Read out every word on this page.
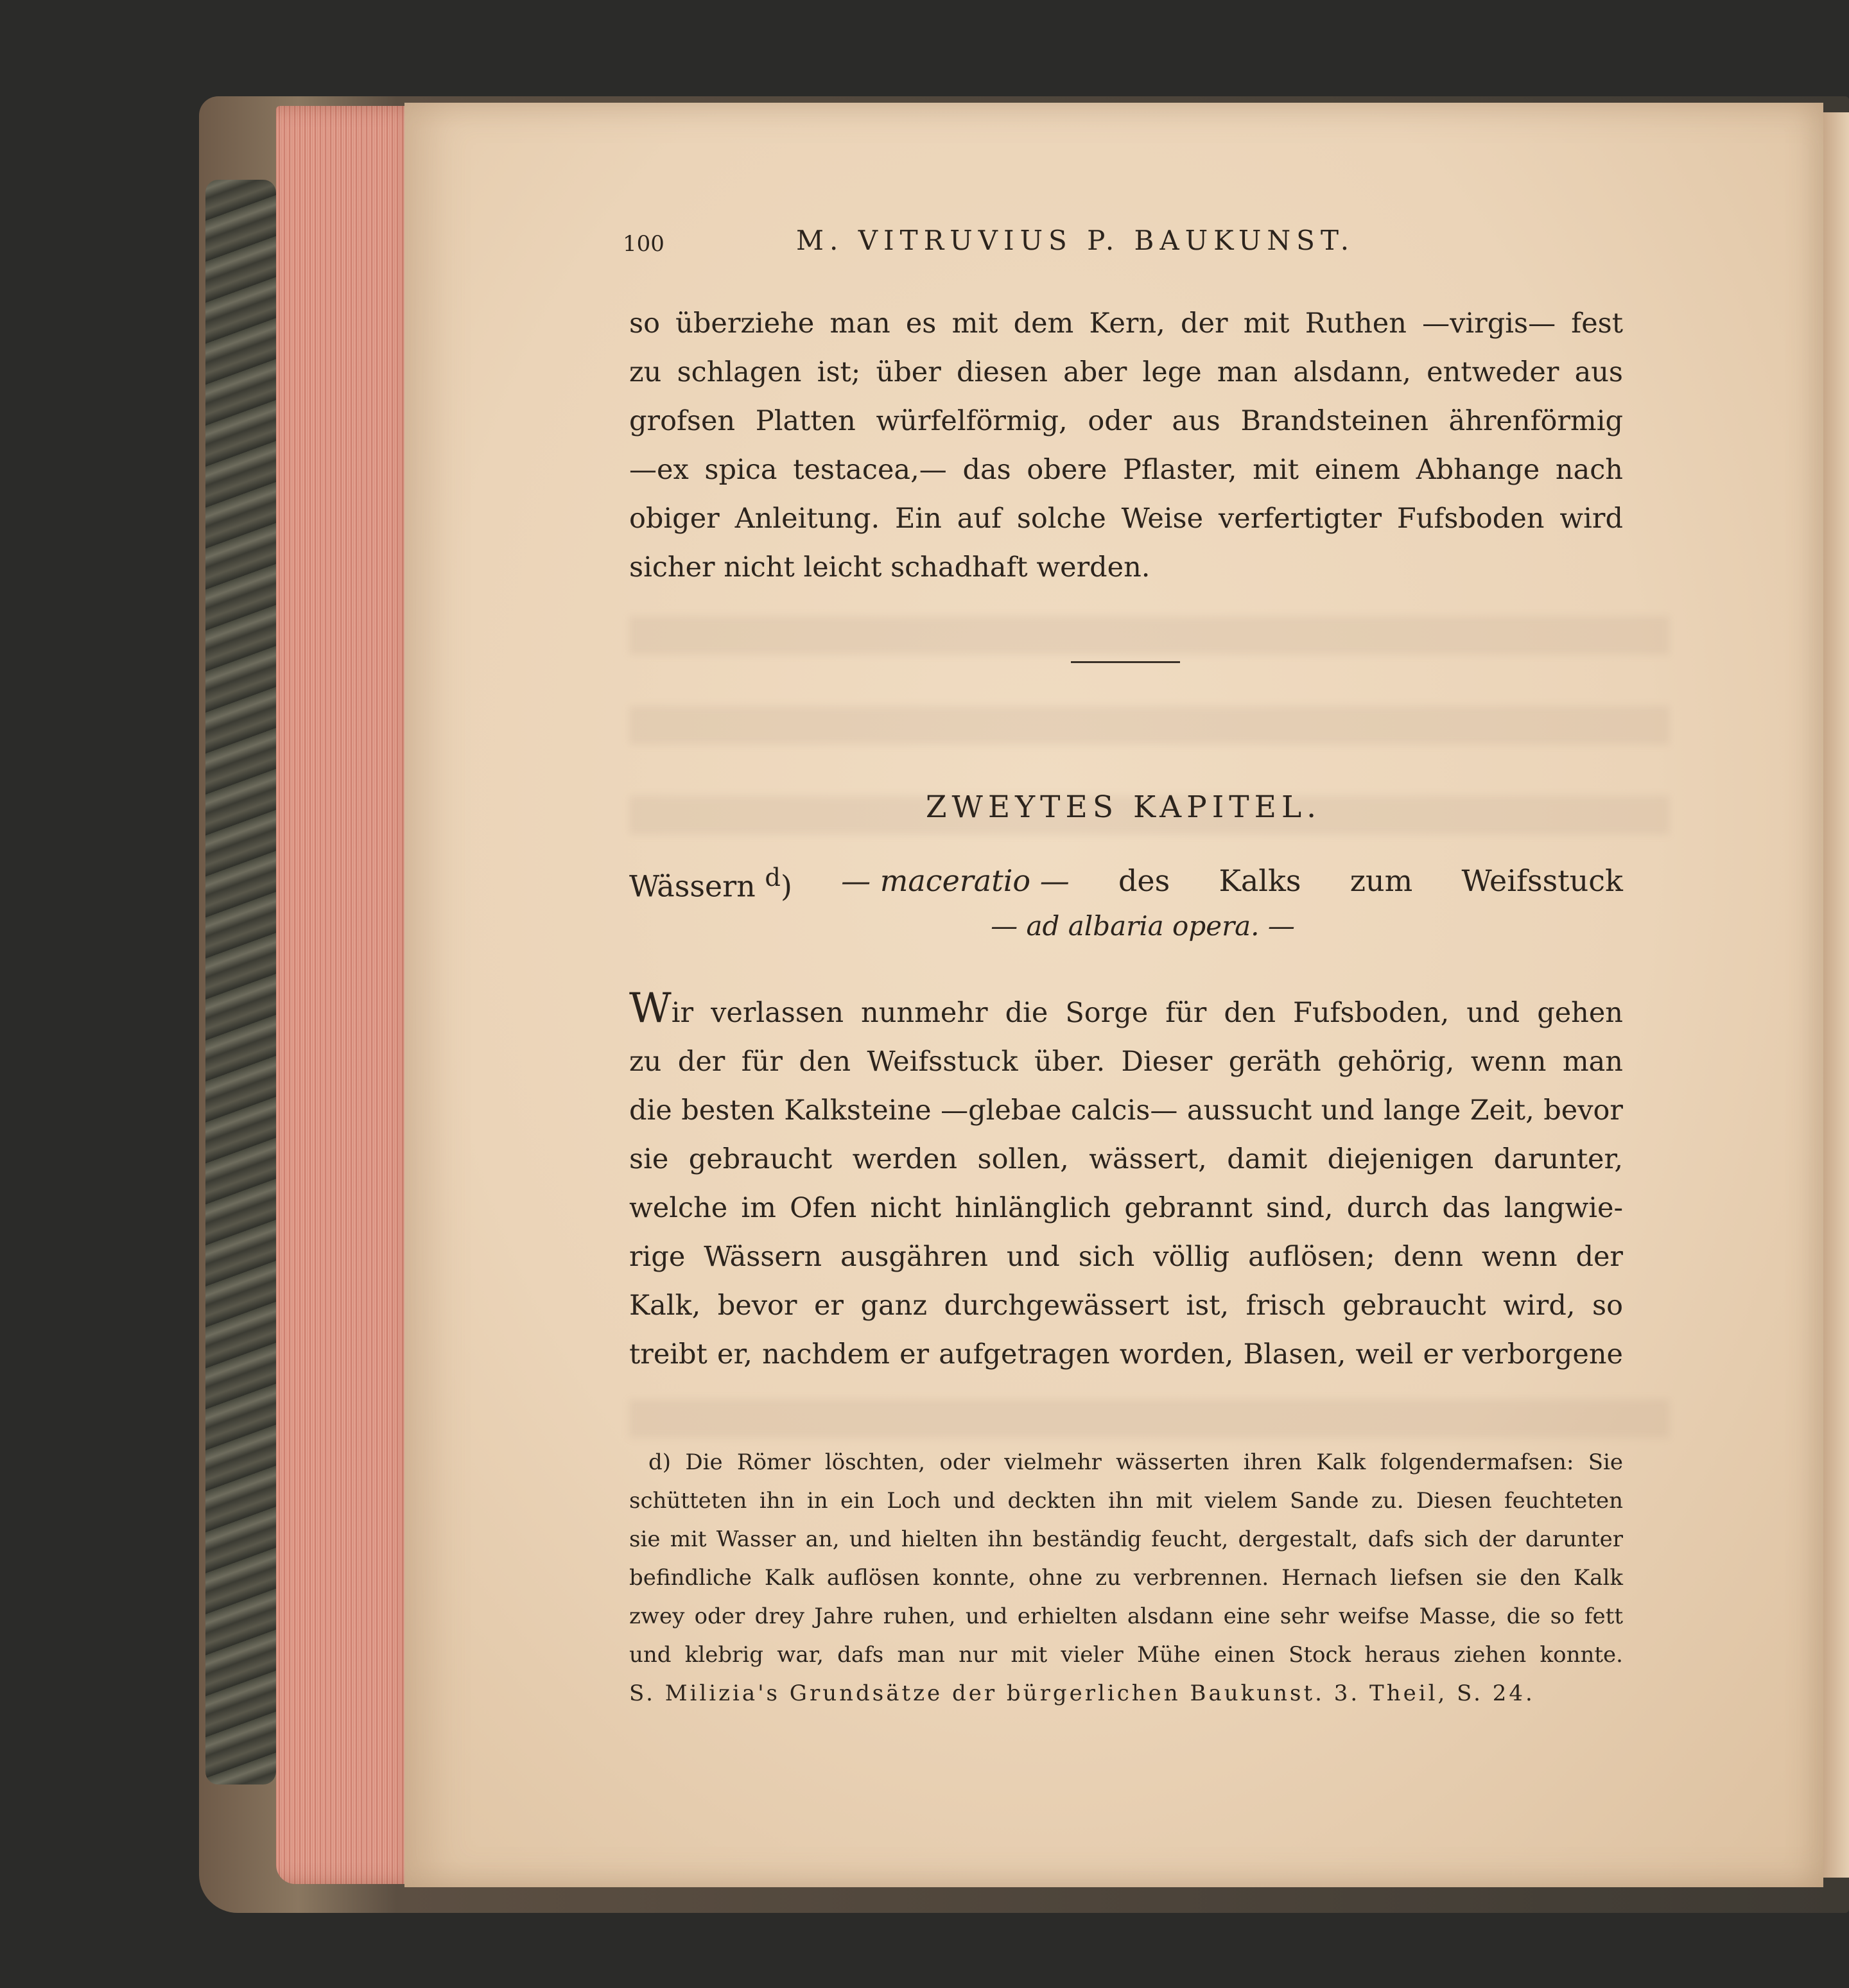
100	M. VITRUVIUS P. BAUKUNST.
so überziehe man es mit dem Kern, der mit Ruthen —virgis— fest
zu schlagen ist; über diesen aber lege man alsdann, entweder aus
grofsen Platten würfelförmig, oder aus Brandsteinen ährenförmig
—ex spica testacea,— das obere Pflaster, mit einem Abhange nach
obiger Anleitung. Ein auf solche Weise verfertigter Fufsboden wird
sicher nicht leicht schadhaft werden.
ZWEYTES KAPITEL.
Wässern $^d$) — maceratio — des Kalks zum Weifsstuck
— ad albaria opera. —
Wir verlassen nunmehr die Sorge für den Fufsboden, und gehen
zu der für den Weifsstuck über. Dieser geräth gehörig, wenn man
die besten Kalksteine —glebae calcis— aussucht und lange Zeit, bevor
sie gebraucht werden sollen, wässert, damit diejenigen darunter,
welche im Ofen nicht hinlänglich gebrannt sind, durch das langwie-
rige Wässern ausgähren und sich völlig auflösen; denn wenn der
Kalk, bevor er ganz durchgewässert ist, frisch gebraucht wird, so
treibt er, nachdem er aufgetragen worden, Blasen, weil er verborgene
d) Die Römer löschten, oder vielmehr wässerten ihren Kalk folgendermafsen: Sie
schütteten ihn in ein Loch und deckten ihn mit vielem Sande zu. Diesen feuchteten
sie mit Wasser an, und hielten ihn beständig feucht, dergestalt, dafs sich der darunter
befindliche Kalk auflösen konnte, ohne zu verbrennen. Hernach liefsen sie den Kalk
zwey oder drey Jahre ruhen, und erhielten alsdann eine sehr weifse Masse, die so fett
und klebrig war, dafs man nur mit vieler Mühe einen Stock heraus ziehen konnte.
S. Milizia's Grundsätze der bürgerlichen Baukunst. 3. Theil, S. 24.
